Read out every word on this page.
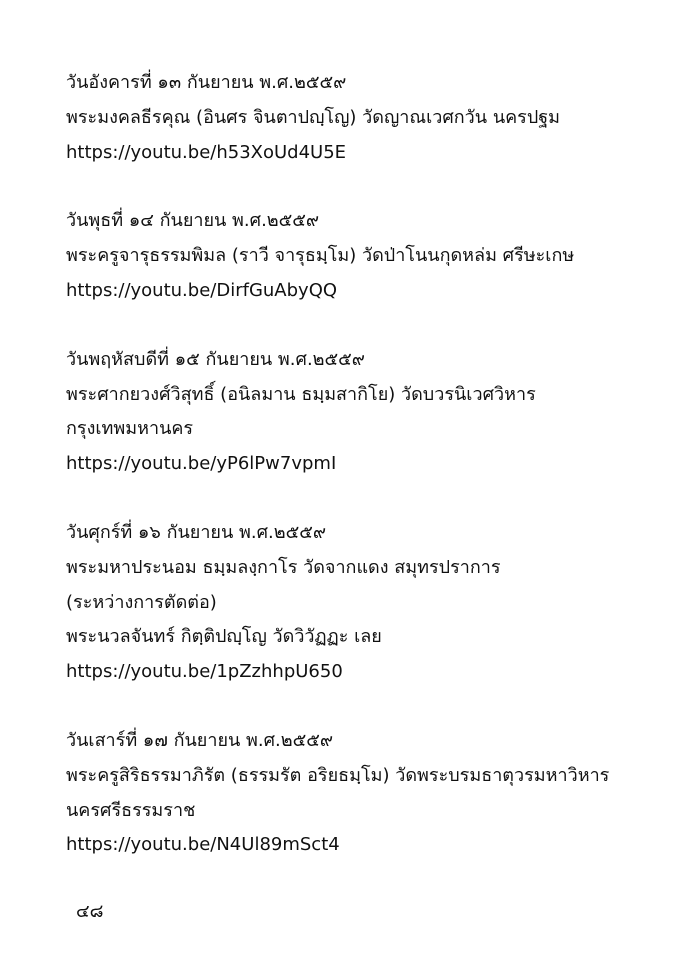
วันอังคารที่ ๑๓ กันยายน พ.ศ.๒๕๕๙
พระมงคลธีรคุณ (อินศร จินตาปญฺโญ) วัดญาณเวศกวัน นครปฐม
https://youtu.be/h53XoUd4U5E
วันพุธที่ ๑๔ กันยายน พ.ศ.๒๕๕๙
พระครูจารุธรรมพิมล (ราวี จารุธมฺโม) วัดป่าโนนกุดหล่ม ศรีษะเกษ
https://youtu.be/DirfGuAbyQQ
วันพฤหัสบดีที่ ๑๕ กันยายน พ.ศ.๒๕๕๙
พระศากยวงศ์วิสุทธิ์ (อนิลมาน ธมฺมสากิโย) วัดบวรนิเวศวิหาร
กรุงเทพมหานคร
https://youtu.be/yP6lPw7vpmI
วันศุกร์ที่ ๑๖ กันยายน พ.ศ.๒๕๕๙
พระมหาประนอม ธมฺมลงฺกาโร วัดจากแดง สมุทรปราการ
(ระหว่างการตัดต่อ)
พระนวลจันทร์ กิตฺติปญฺโญ วัดวิวัฏฏะ เลย
https://youtu.be/1pZzhhpU650
วันเสาร์ที่ ๑๗ กันยายน พ.ศ.๒๕๕๙
พระครูสิริธรรมาภิรัต (ธรรมรัต อริยธมฺโม) วัดพระบรมธาตุวรมหาวิหาร
นครศรีธรรมราช
https://youtu.be/N4Ul89mSct4
๔๘
